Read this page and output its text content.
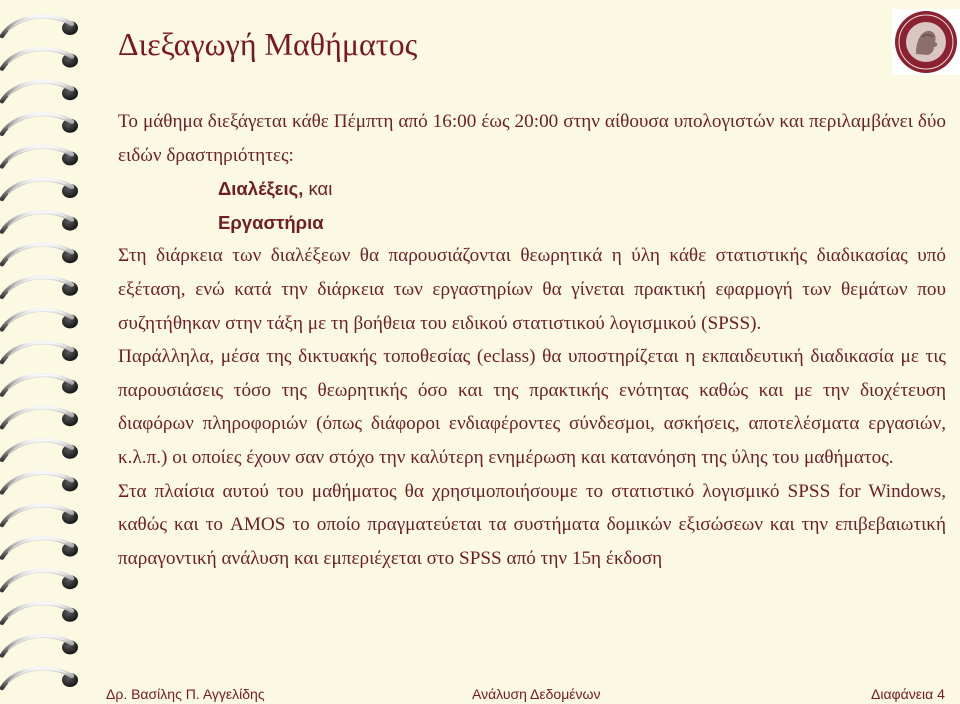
Διεξαγωγή Μαθήματος

Το μάθημα διεξάγεται κάθε Πέμπτη από 16:00 έως 20:00 στην αίθουσα υπολογιστών και περιλαμβάνει δύο ειδών δραστηριότητες:

Διαλέξεις, και

Εργαστήρια

Στη διάρκεια των διαλέξεων θα παρουσιάζονται θεωρητικά η ύλη κάθε στατιστικής διαδικασίας υπό εξέταση, ενώ κατά την διάρκεια των εργαστηρίων θα γίνεται πρακτική εφαρμογή των θεμάτων που συζητήθηκαν στην τάξη με τη βοήθεια του ειδικού στατιστικού λογισμικού (SPSS).

Παράλληλα, μέσα της δικτυακής τοποθεσίας (eclass) θα υποστηρίζεται η εκπαιδευτική διαδικασία με τις παρουσιάσεις τόσο της θεωρητικής όσο και της πρακτικής ενότητας καθώς και με την διοχέτευση διαφόρων πληροφοριών (όπως διάφοροι ενδιαφέροντες σύνδεσμοι, ασκήσεις, αποτελέσματα εργασιών, κ.λ.π.) οι οποίες έχουν σαν στόχο την καλύτερη ενημέρωση και κατανόηση της ύλης του μαθήματος.

Στα πλαίσια αυτού του μαθήματος θα χρησιμοποιήσουμε το στατιστικό λογισμικό SPSS for Windows, καθώς και το AMOS το οποίο πραγματεύεται τα συστήματα δομικών εξισώσεων και την επιβεβαιωτική παραγοντική ανάλυση και εμπεριέχεται στο SPSS από την 15η έκδοση

Δρ. Βασίλης Π. Αγγελίδης	Ανάλυση Δεδομένων	Διαφάνεια 4
